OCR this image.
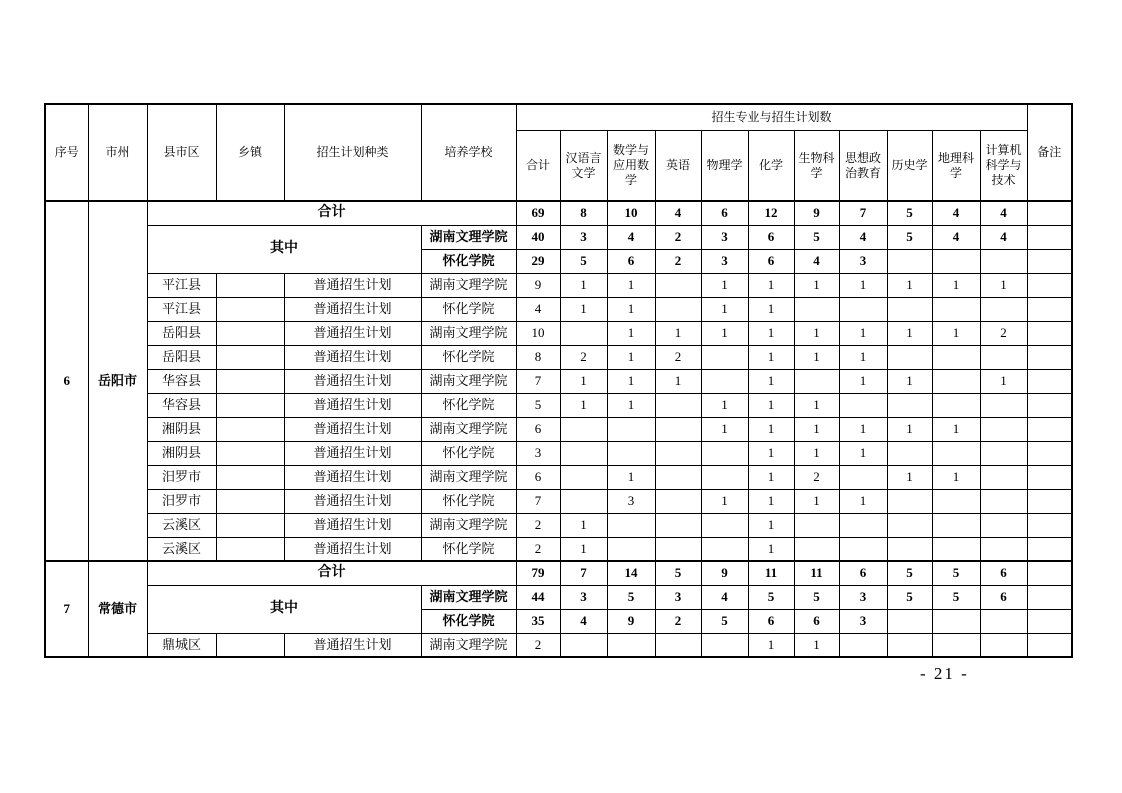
序号	市州	县市区	乡镇	招生计划种类	培养学校	招生专业与招生计划数											备注
						合计	汉语言文学	数学与应用数学	英语	物理学	化学	生物科学	思想政治教育	历史学	地理科学	计算机科学与技术	
6	岳阳市	合计				69	8	10	4	6	12	9	7	5	4	4	
		其中			湖南文理学院	40	3	4	2	3	6	5	4	5	4	4	
					怀化学院	29	5	6	2	3	6	4	3				
		平江县		普通招生计划	湖南文理学院	9	1	1		1	1	1	1	1	1	1	
		平江县		普通招生计划	怀化学院	4	1	1		1	1						
		岳阳县		普通招生计划	湖南文理学院	10		1	1	1	1	1	1	1	1	2	
		岳阳县		普通招生计划	怀化学院	8	2	1	2		1	1	1				
		华容县		普通招生计划	湖南文理学院	7	1	1	1		1		1	1		1	
		华容县		普通招生计划	怀化学院	5	1	1		1	1	1					
		湘阴县		普通招生计划	湖南文理学院	6				1	1	1	1	1	1		
		湘阴县		普通招生计划	怀化学院	3					1	1	1				
		汨罗市		普通招生计划	湖南文理学院	6		1			1	2		1	1		
		汨罗市		普通招生计划	怀化学院	7		3		1	1	1	1				
		云溪区		普通招生计划	湖南文理学院	2	1				1						
		云溪区		普通招生计划	怀化学院	2	1				1						
7	常德市	合计				79	7	14	5	9	11	11	6	5	5	6	
		其中			湖南文理学院	44	3	5	3	4	5	5	3	5	5	6	
					怀化学院	35	4	9	2	5	6	6	3				
		鼎城区		普通招生计划	湖南文理学院	2					1	1					
- 21 -
